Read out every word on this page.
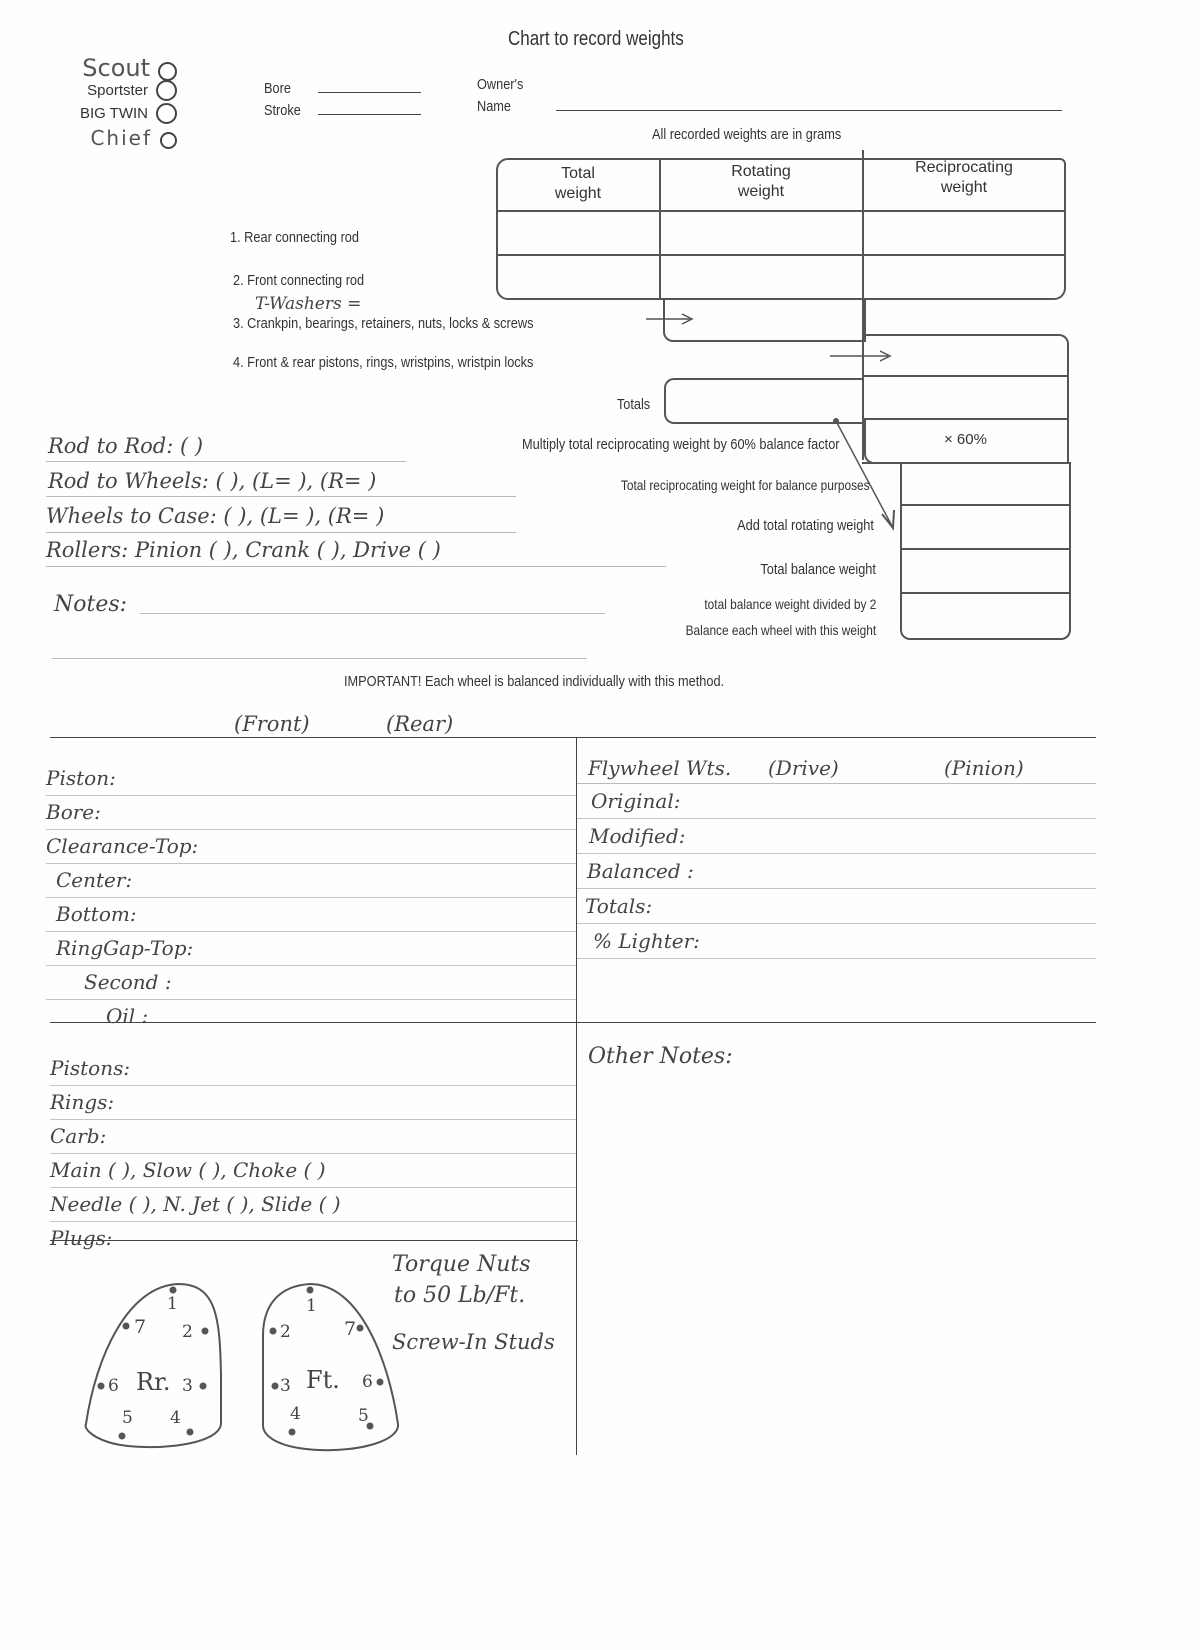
Chart to record weights
Scout
Sportster
BIG TWIN
Chief
Bore
Stroke
Owner's
Name
All recorded weights are in grams
Total
weight
Rotating
weight
Reciprocating
weight
1. Rear connecting rod
2. Front connecting rod
T-Washers =
3. Crankpin, bearings, retainers, nuts, locks & screws
4. Front & rear pistons, rings, wristpins, wristpin locks
Totals
× 60%
Multiply total reciprocating weight by 60% balance factor
Total reciprocating weight for balance purposes
Add total rotating weight
Total balance weight
total balance weight divided by 2
Balance each wheel with this weight
Rod to Rod: ( )
Rod to Wheels: ( ), (L= ), (R= )
Wheels to Case: ( ), (L= ), (R= )
Rollers: Pinion ( ), Crank ( ), Drive ( )
Notes:
IMPORTANT! Each wheel is balanced individually with this method.
(Front)	(Rear)
Piston:
Bore:
Clearance-Top:
Center:
Bottom:
RingGap-Top:
Second :
Oil :
Flywheel Wts. (Drive)	(Pinion)
Original:
Modified:
Balanced :
Totals:
% Lighter:
Pistons:
Rings:
Carb:
Main ( ), Slow ( ), Choke ( )
Needle ( ), N. Jet ( ), Slide ( )
Plugs:
Other Notes:
Torque Nuts
to 50 Lb/Ft.
Screw-In Studs
1
2
3
4
5
6
7
Rr.
1
2
3
4	5
6
7
Ft.
